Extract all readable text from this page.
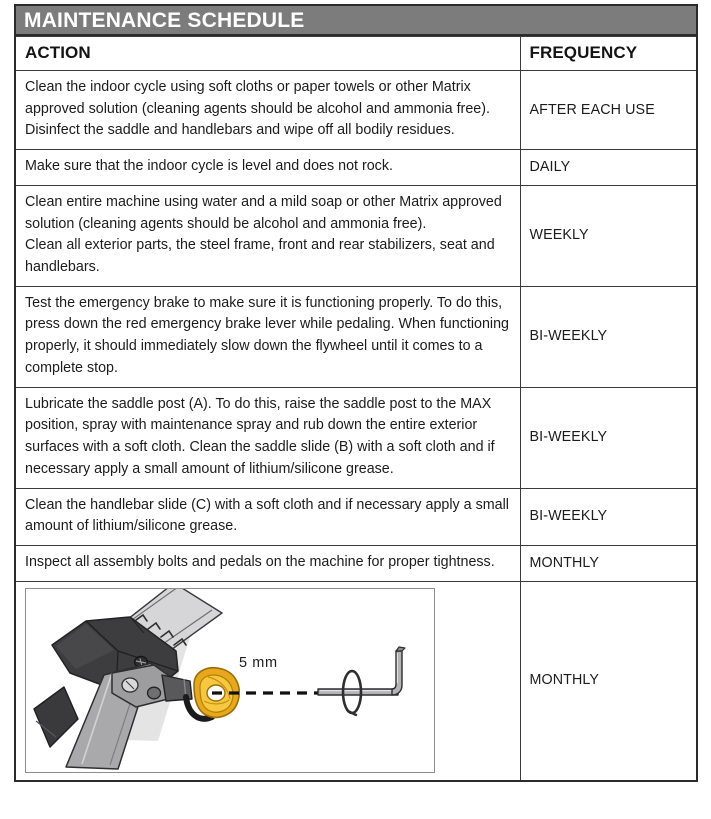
MAINTENANCE SCHEDULE
ACTION	FREQUENCY

Clean the indoor cycle using soft cloths or paper towels or other Matrix approved solution (cleaning agents should be alcohol and ammonia free). Disinfect the saddle and handlebars and wipe off all bodily residues.	AFTER EACH USE

Make sure that the indoor cycle is level and does not rock.	DAILY

Clean entire machine using water and a mild soap or other Matrix approved solution (cleaning agents should be alcohol and ammonia free).

Clean all exterior parts, the steel frame, front and rear stabilizers, seat and handlebars.	WEEKLY

Test the emergency brake to make sure it is functioning properly. To do this, press down the red emergency brake lever while pedaling. When functioning properly, it should immediately slow down the flywheel until it comes to a complete stop.	BI-WEEKLY

Lubricate the saddle post (A). To do this, raise the saddle post to the MAX position, spray with maintenance spray and rub down the entire exterior surfaces with a soft cloth. Clean the saddle slide (B) with a soft cloth and if necessary apply a small amount of lithium/silicone grease.	BI-WEEKLY

Clean the handlebar slide (C) with a soft cloth and if necessary apply a small amount of lithium/silicone grease.	BI-WEEKLY

Inspect all assembly bolts and pedals on the machine for proper tightness.	MONTHLY

5 mm	MONTHLY
